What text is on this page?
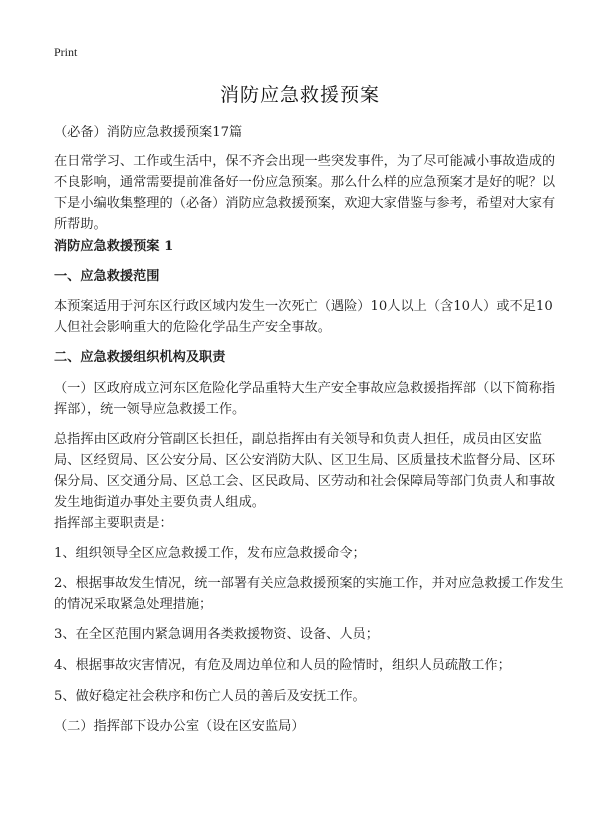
Print
消防应急救援预案
（必备）消防应急救援预案17篇
在日常学习、工作或生活中，保不齐会出现一些突发事件，为了尽可能减小事故造成的不良影响，通常需要提前准备好一份应急预案。那么什么样的应急预案才是好的呢？以下是小编收集整理的（必备）消防应急救援预案，欢迎大家借鉴与参考，希望对大家有所帮助。
消防应急救援预案 1
一、应急救援范围
本预案适用于河东区行政区域内发生一次死亡（遇险）10人以上（含10人）或不足10人但社会影响重大的危险化学品生产安全事故。
二、应急救援组织机构及职责
（一）区政府成立河东区危险化学品重特大生产安全事故应急救援指挥部（以下简称指挥部），统一领导应急救援工作。
总指挥由区政府分管副区长担任，副总指挥由有关领导和负责人担任，成员由区安监局、区经贸局、区公安分局、区公安消防大队、区卫生局、区质量技术监督分局、区环保分局、区交通分局、区总工会、区民政局、区劳动和社会保障局等部门负责人和事故发生地街道办事处主要负责人组成。
指挥部主要职责是：
1、组织领导全区应急救援工作，发布应急救援命令；
2、根据事故发生情况，统一部署有关应急救援预案的实施工作，并对应急救援工作发生的情况采取紧急处理措施；
3、在全区范围内紧急调用各类救援物资、设备、人员；
4、根据事故灾害情况，有危及周边单位和人员的险情时，组织人员疏散工作；
5、做好稳定社会秩序和伤亡人员的善后及安抚工作。
（二）指挥部下设办公室（设在区安监局）
